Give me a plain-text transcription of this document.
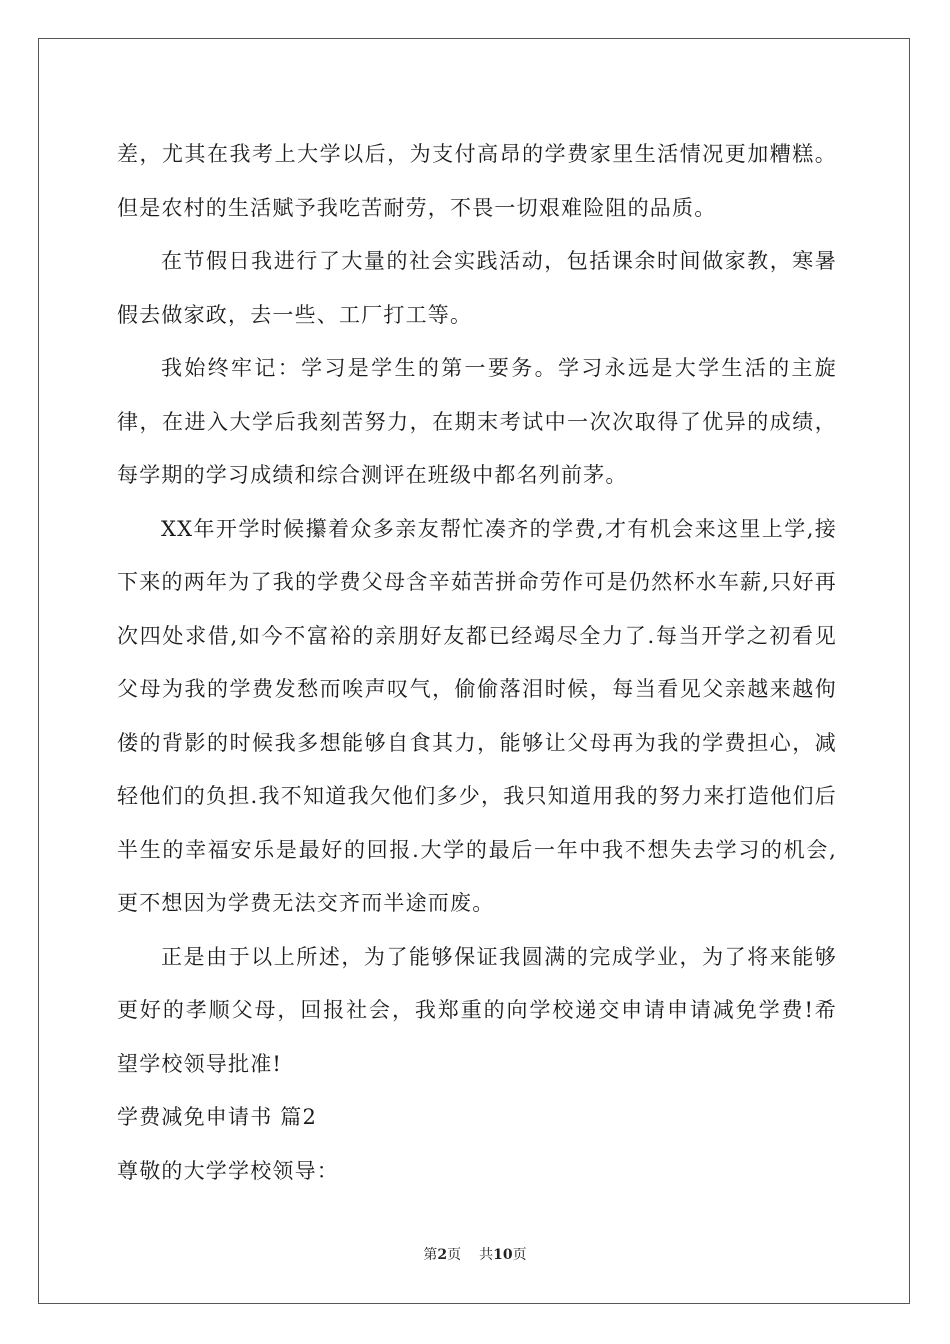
差，尤其在我考上大学以后，为支付高昂的学费家里生活情况更加糟糕。但是农村的生活赋予我吃苦耐劳，不畏一切艰难险阻的品质。

在节假日我进行了大量的社会实践活动，包括课余时间做家教，寒暑假去做家政，去一些、工厂打工等。

我始终牢记：学习是学生的第一要务。学习永远是大学生活的主旋律，在进入大学后我刻苦努力，在期末考试中一次次取得了优异的成绩，每学期的学习成绩和综合测评在班级中都名列前茅。

XX年开学时候攥着众多亲友帮忙凑齐的学费,才有机会来这里上学,接下来的两年为了我的学费父母含辛茹苦拼命劳作可是仍然杯水车薪,只好再次四处求借,如今不富裕的亲朋好友都已经竭尽全力了.每当开学之初看见父母为我的学费发愁而唉声叹气，偷偷落泪时候，每当看见父亲越来越佝偻的背影的时候我多想能够自食其力，能够让父母再为我的学费担心，减轻他们的负担.我不知道我欠他们多少，我只知道用我的努力来打造他们后半生的幸福安乐是最好的回报.大学的最后一年中我不想失去学习的机会,更不想因为学费无法交齐而半途而废。

正是由于以上所述，为了能够保证我圆满的完成学业，为了将来能够更好的孝顺父母，回报社会，我郑重的向学校递交申请申请减免学费!希望学校领导批准!

学费减免申请书 篇2

尊敬的大学学校领导：

第2页 共10页
